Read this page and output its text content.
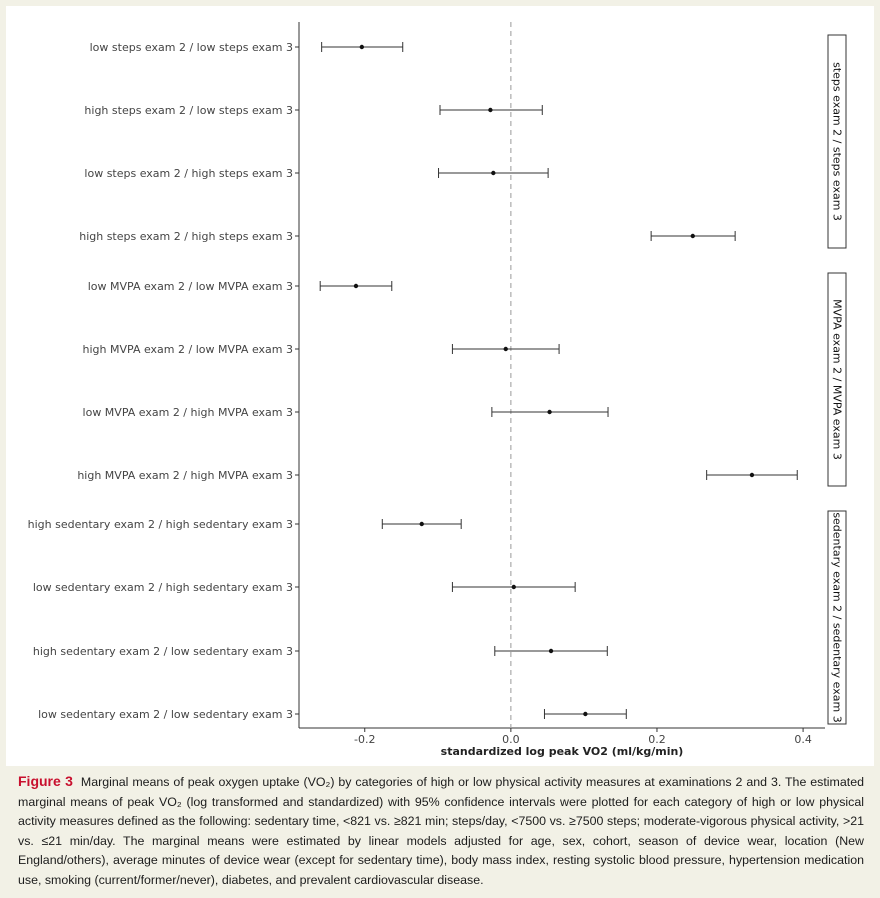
-0.2	0.0	0.2	0.4
standardized log peak VO2 (ml/kg/min)
steps exam 2 / steps exam 3
low steps exam 2 / low steps exam 3
high steps exam 2 / low steps exam 3
low steps exam 2 / high steps exam 3
high steps exam 2 / high steps exam 3
MVPA exam 2 / MVPA exam 3
low MVPA exam 2 / low MVPA exam 3
high MVPA exam 2 / low MVPA exam 3
low MVPA exam 2 / high MVPA exam 3
high MVPA exam 2 / high MVPA exam 3
sedentary exam 2 / sedentary exam 3
high sedentary exam 2 / high sedentary exam 3
low sedentary exam 2 / high sedentary exam 3
high sedentary exam 2 / low sedentary exam 3
low sedentary exam 2 / low sedentary exam 3
Figure 3 Marginal means of peak oxygen uptake (VO₂) by categories of high or low physical activity measures at examinations 2 and 3. The estimated marginal means of peak VO₂ (log transformed and standardized) with 95% confidence intervals were plotted for each category of high or low physical activity measures defined as the following: sedentary time, <821 vs. ≥821 min; steps/day, <7500 vs. ≥7500 steps; moderate-vigorous physical activity, >21 vs. ≤21 min/day. The marginal means were estimated by linear models adjusted for age, sex, cohort, season of device wear, location (New England/others), average minutes of device wear (except for sedentary time), body mass index, resting systolic blood pressure, hypertension medication use, smoking (current/former/never), diabetes, and prevalent cardiovascular disease.
